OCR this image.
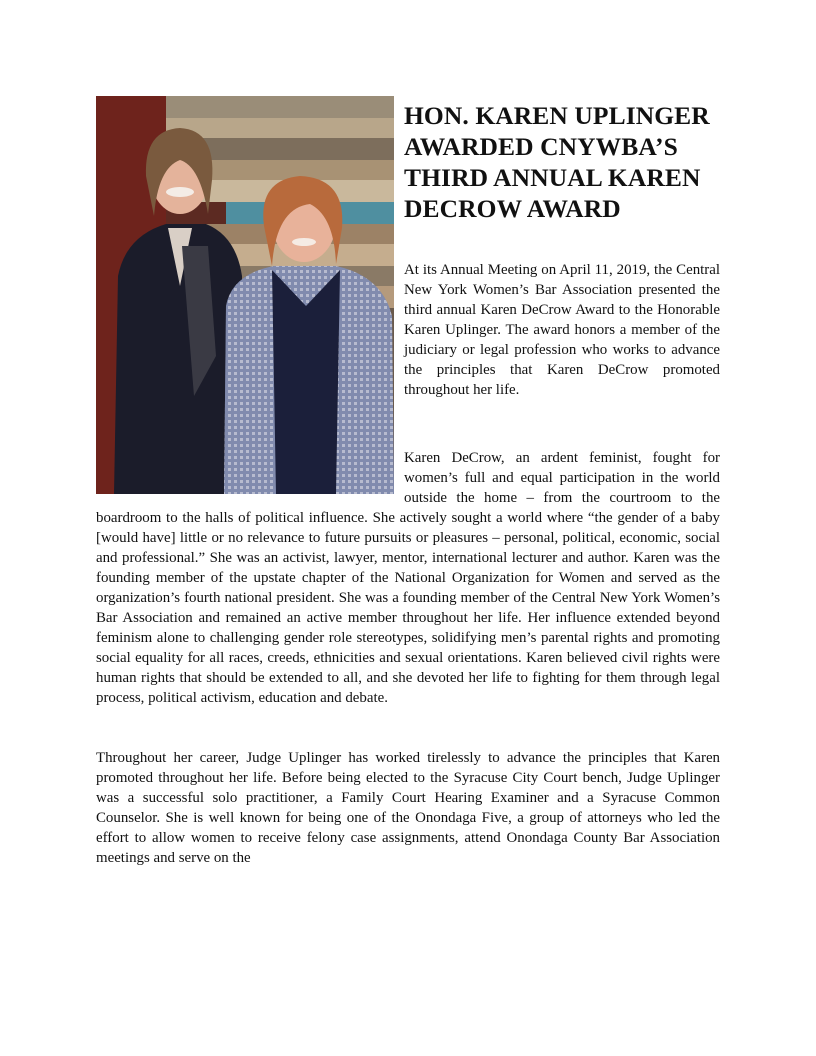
HON. KAREN UPLINGER AWARDED CNYWBA’S THIRD ANNUAL KAREN DECROW AWARD

At its Annual Meeting on April 11, 2019, the Central New York Women’s Bar Association presented the third annual Karen DeCrow Award to the Honorable Karen Uplinger. The award honors a member of the judiciary or legal profession who works to advance the principles that Karen DeCrow promoted throughout her life.

Karen DeCrow, an ardent feminist, fought for women’s full and equal participation in the world outside the home – from the courtroom to the boardroom to the halls of political influence. She actively sought a world where “the gender of a baby [would have] little or no relevance to future pursuits or pleasures – personal, political, economic, social and professional.” She was an activist, lawyer, mentor, international lecturer and author. Karen was the founding member of the upstate chapter of the National Organization for Women and served as the organization’s fourth national president. She was a founding member of the Central New York Women’s Bar Association and remained an active member throughout her life. Her influence extended beyond feminism alone to challenging gender role stereotypes, solidifying men’s parental rights and promoting social equality for all races, creeds, ethnicities and sexual orientations. Karen believed civil rights were human rights that should be extended to all, and she devoted her life to fighting for them through legal process, political activism, education and debate.

Throughout her career, Judge Uplinger has worked tirelessly to advance the principles that Karen promoted throughout her life. Before being elected to the Syracuse City Court bench, Judge Uplinger was a successful solo practitioner, a Family Court Hearing Examiner and a Syracuse Common Counselor. She is well known for being one of the Onondaga Five, a group of attorneys who led the effort to allow women to receive felony case assignments, attend Onondaga County Bar Association meetings and serve on the
